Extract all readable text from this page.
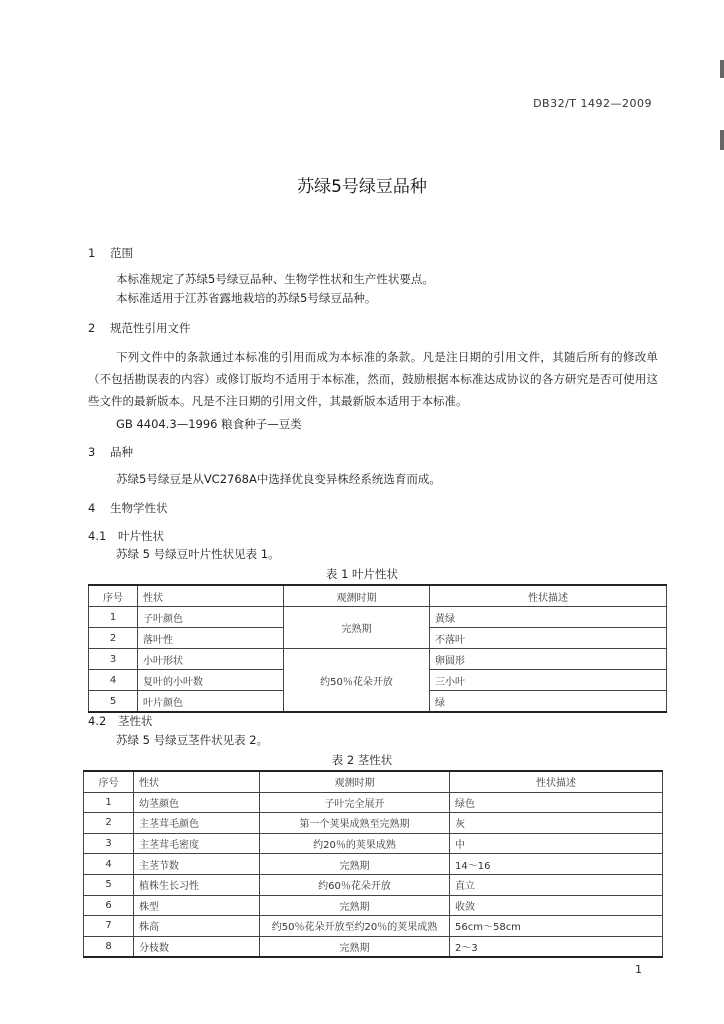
DB32/T 1492—2009
苏绿5号绿豆品种
1 范围
本标准规定了苏绿5号绿豆品种、生物学性状和生产性状要点。
本标准适用于江苏省露地栽培的苏绿5号绿豆品种。
2 规范性引用文件
下列文件中的条款通过本标准的引用而成为本标准的条款。凡是注日期的引用文件，其随后所有的修改单（不包括勘误表的内容）或修订版均不适用于本标准，然而，鼓励根据本标准达成协议的各方研究是否可使用这些文件的最新版本。凡是不注日期的引用文件，其最新版本适用于本标准。
GB 4404.3—1996 粮食种子—豆类
3 品种
苏绿5号绿豆是从VC2768A中选择优良变异株经系统选育而成。
4 生物学性状
4.1 叶片性状
苏绿 5 号绿豆叶片性状见表 1。
表 1 叶片性状
序号	性状	观测时期	性状描述
1	子叶颜色	完熟期	黄绿
2	落叶性		不落叶
3	小叶形状	约50％花朵开放	卵圆形
4	复叶的小叶数		三小叶
5	叶片颜色		绿
4.2 茎性状
苏绿 5 号绿豆茎件状见表 2。
表 2 茎性状
序号	性状	观测时期	性状描述
1	幼茎颜色	子叶完全展开	绿色
2	主茎茸毛颜色	第一个荚果成熟至完熟期	灰
3	主茎茸毛密度	约20％的荚果成熟	中
4	主茎节数	完熟期	14～16
5	植株生长习性	约60％花朵开放	直立
6	株型	完熟期	收敛
7	株高	约50％花朵开放至约20％的荚果成熟	56cm～58cm
8	分枝数	完熟期	2～3
1
